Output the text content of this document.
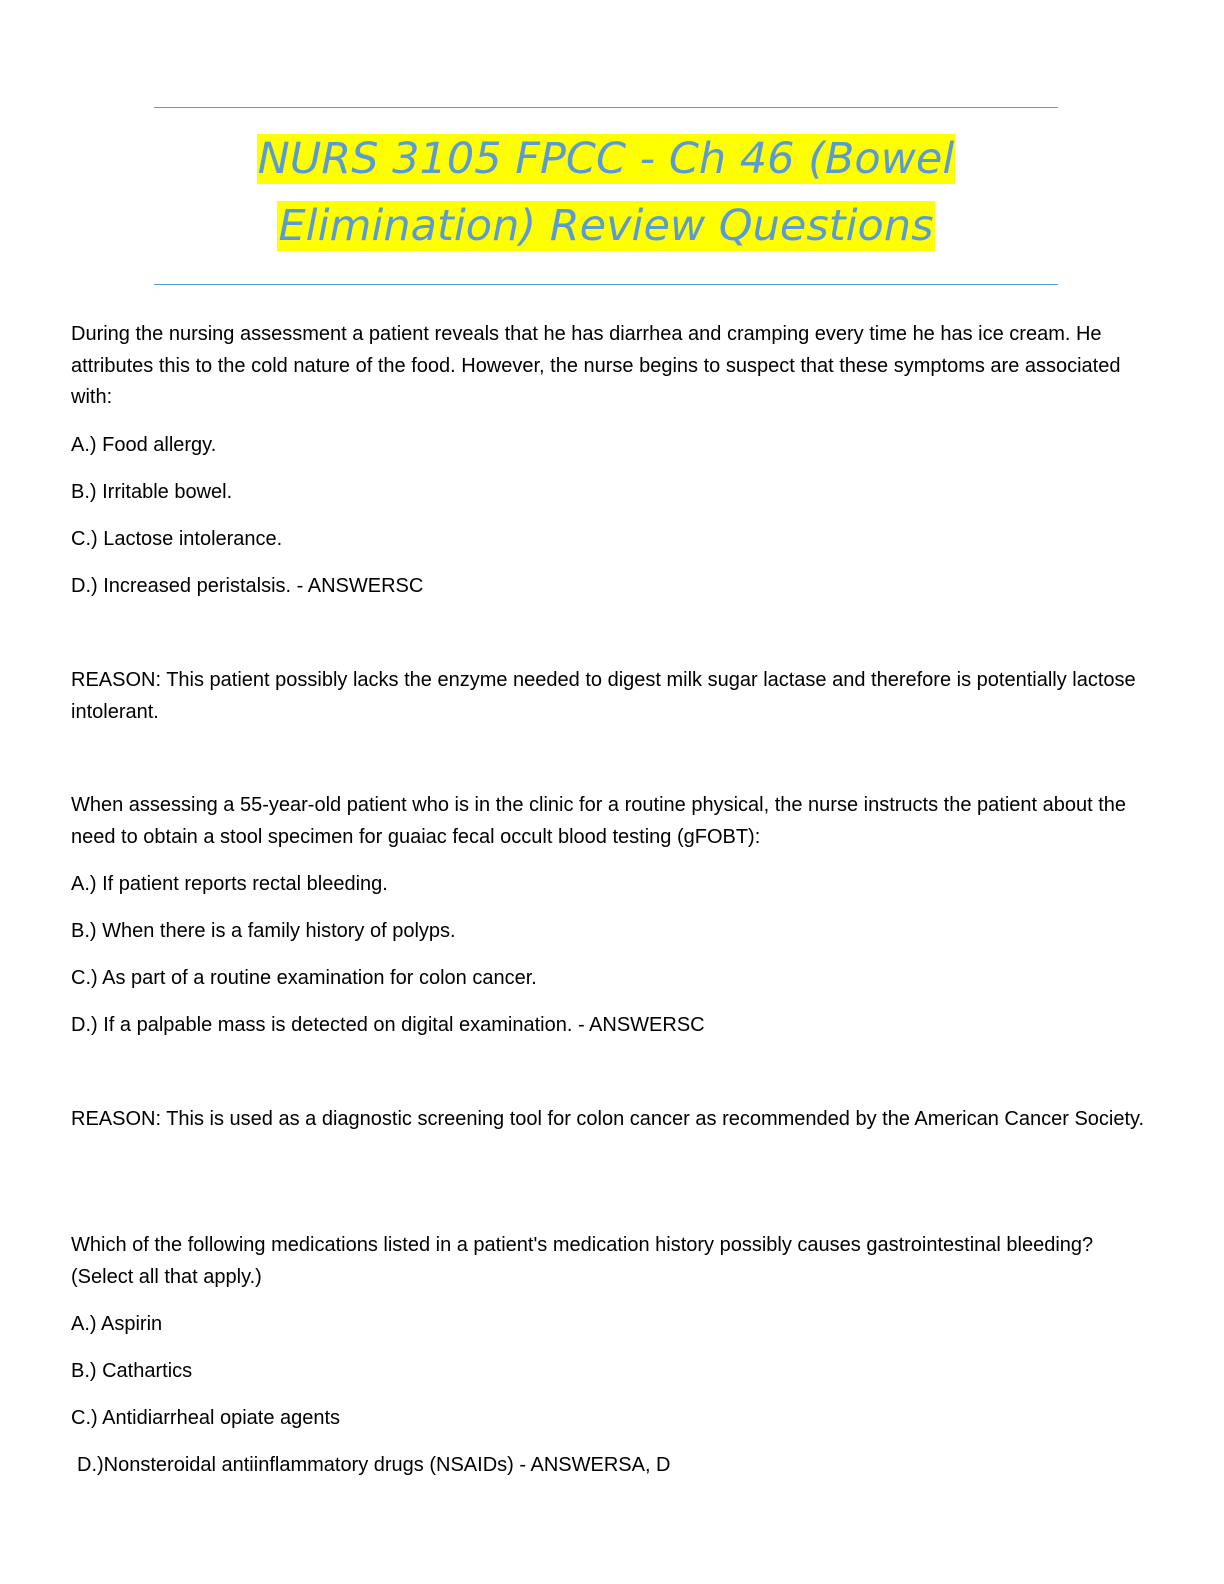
NURS 3105 FPCC - Ch 46 (Bowel
Elimination) Review Questions

During the nursing assessment a patient reveals that he has diarrhea and cramping every time he has ice cream. He attributes this to the cold nature of the food. However, the nurse begins to suspect that these symptoms are associated with:

A.) Food allergy.

B.) Irritable bowel.

C.) Lactose intolerance.

D.) Increased peristalsis. - ANSWERSC

REASON: This patient possibly lacks the enzyme needed to digest milk sugar lactase and therefore is potentially lactose intolerant.

When assessing a 55-year-old patient who is in the clinic for a routine physical, the nurse instructs the patient about the need to obtain a stool specimen for guaiac fecal occult blood testing (gFOBT):

A.) If patient reports rectal bleeding.

B.) When there is a family history of polyps.

C.) As part of a routine examination for colon cancer.

D.) If a palpable mass is detected on digital examination. - ANSWERSC

REASON: This is used as a diagnostic screening tool for colon cancer as recommended by the American Cancer Society.

Which of the following medications listed in a patient's medication history possibly causes gastrointestinal bleeding? (Select all that apply.)

A.) Aspirin

B.) Cathartics

C.) Antidiarrheal opiate agents

D.)Nonsteroidal antiinflammatory drugs (NSAIDs) - ANSWERSA, D
